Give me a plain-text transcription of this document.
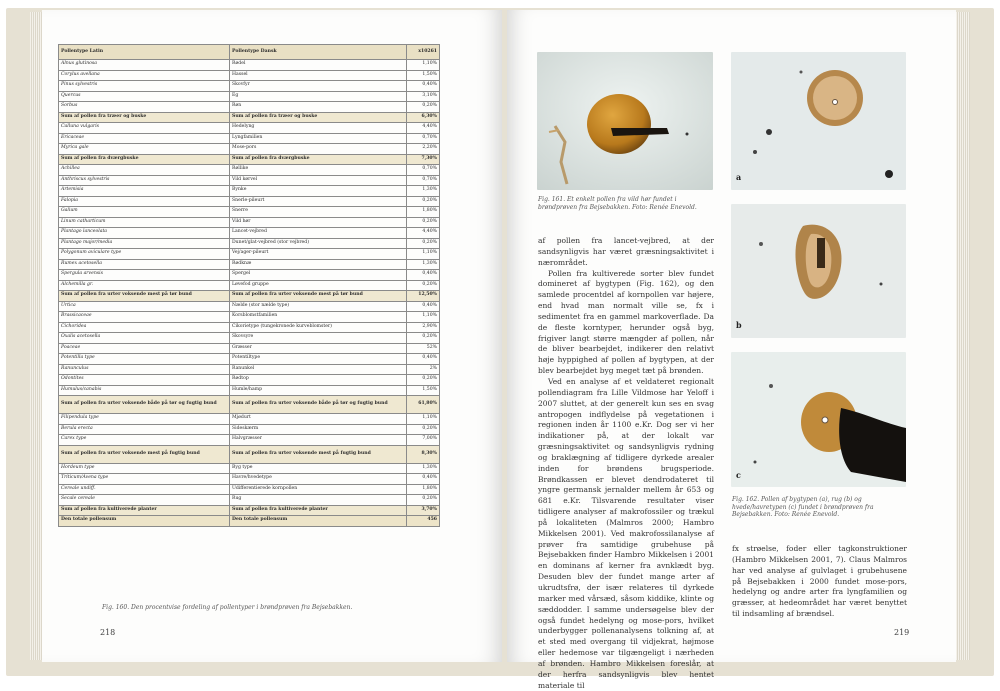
Pollentype Latin	Pollentype Dansk	x10261
Alnus glutinosa	Rødel	1,10%
Corylus avellana	Hassel	1,50%
Pinus sylvestris	Skovfyr	0,40%
Quercus	Eg	3,10%
Sorbus	Røn	0,20%
Sum af pollen fra træer og buske	Sum af pollen fra træer og buske	6,30%
Calluna vulgaris	Hedelyng	4,40%
Ericaceae	Lyngfamilien	0,70%
Myrica gale	Mose-pors	2,20%
Sum af pollen fra dværgbuske	Sum af pollen fra dværgbuske	7,30%
Achillea	Røllike	0,70%
Anthriscus sylvestris	Vild kørvel	0,70%
Artemisia	Bynke	1,30%
Falopia	Snerle-pileurt	0,20%
Galium	Snerre	1,80%
Linum catharticum	Vild hør	0,20%
Plantago lanceolata	Lancet-vejbred	4,40%
Plantago major/media	Dunet/glat-vejbred (stor vejbred)	0,20%
Polygonum aviculare type	Vej/ager-pileurt	1,10%
Rumex acetosella	Rødknæ	1,30%
Spergula arvensis	Spergel	0,40%
Alchemilla gr.	Løvefod gruppe	0,20%
Sum af pollen fra urter voksende mest på tør bund	Sum af pollen fra urter voksende mest på tør bund	12,50%
Urtica	Nælde (stor nælde type)	0,40%
Brassicaceae	Korsblomstfamilien	1,10%
Cichoridea	Cikorietype (tungekronede kurveblomster)	2,90%
Oxalis acetosella	Skovsyre	0,20%
Poaceae	Græsser	52%
Potentilla type	Potentiltype	0,40%
Ranunculus	Ranunkel	2%
Odontites	Rødtop	0,20%
Humulus/canabis	Humle/hamp	1,50%
Sum af pollen fra urter voksende både på tør og fugtig bund	Sum af pollen fra urter voksende både på tør og fugtig bund	61,80%
Filipendula type	Mjødurt	1,10%
Berula erecta	Sideskærm	0,20%
Carex type	Halvgræsser	7,00%
Sum af pollen fra urter voksende mest på fugtig bund	Sum af pollen fra urter voksende mest på fugtig bund	8,30%
Hordeum type	Byg type	1,30%
Triticum/Avena type	Havre/hvedetype	0,40%
Cereale undiff.	Udifferentierede kornpollen	1,80%
Secale cereale	Rug	0,20%
Sum af pollen fra kultiverede planter	Sum af pollen fra kultiverede planter	3,70%
Den totale pollensum	Den totale pollensum	456
Fig. 160. Den procentvise fordeling af pollentyper i brøndprøven fra Bejsebakken.
218
Fig. 161. Et enkelt pollen fra vild hør fundet i brøndprøven fra Bejsebakken. Foto: Renée Enevold.
a
b
c
Fig. 162. Pollen af bygtypen (a), rug (b) og hvede/havretypen (c) fundet i brøndprøven fra Bejsebakken. Foto: Renée Enevold.

af pollen fra lancet-vejbred, at der sandsynligvis har været græsningsaktivitet i nærområdet.

Pollen fra kultiverede sorter blev fundet domineret af bygtypen (Fig. 162), og den samlede procentdel af kornpollen var højere, end hvad man normalt ville se, fx i sedimentet fra en gammel markoverflade. Da de fleste korntyper, herunder også byg, frigiver langt større mængder af pollen, når de bliver bearbejdet, indikerer den relativt høje hyppighed af pollen af bygtypen, at der blev bearbejdet byg meget tæt på brønden.

Ved en analyse af et veldateret regionalt pollendiagram fra Lille Vildmose har Yeloff i 2007 sluttet, at der generelt kun ses en svag antropogen indflydelse på vegetationen i regionen inden år 1100 e.Kr. Dog ser vi her indikationer på, at der lokalt var græsningsaktivitet og sandsynligvis rydning og braklægning af tidligere dyrkede arealer inden for brøndens brugsperiode. Brøndkassen er blevet dendrodateret til yngre germansk jernalder mellem år 653 og 681 e.Kr. Tilsvarende resultater viser tidligere analyser af makrofossiler og trækul på lokaliteten (Malmros 2000; Hambro Mikkelsen 2001). Ved makrofossilanalyse af prøver fra samtidige grubehuse på Bejsebakken finder Hambro Mikkelsen i 2001 en dominans af kerner fra avnklædt byg. Desuden blev der fundet mange arter af ukrudtsfrø, der især relateres til dyrkede marker med vårsæd, såsom kiddike, klinte og sæddodder. I samme undersøgelse blev der også fundet hedelyng og mose-pors, hvilket underbygger pollenanalysens tolkning af, at et sted med overgang til vidjekrat, højmose eller hedemose var tilgængeligt i nærheden af brønden. Hambro Mikkelsen foreslår, at der herfra sandsynligvis blev hentet materiale til

fx strøelse, foder eller tagkonstruktioner (Hambro Mikkelsen 2001, 7). Claus Malmros har ved analyse af gulvlaget i grubehusene på Bejsebakken i 2000 fundet mose-pors, hedelyng og andre arter fra lyngfamilien og græsser, at hedeområdet har været benyttet til indsamling af brændsel.

219
